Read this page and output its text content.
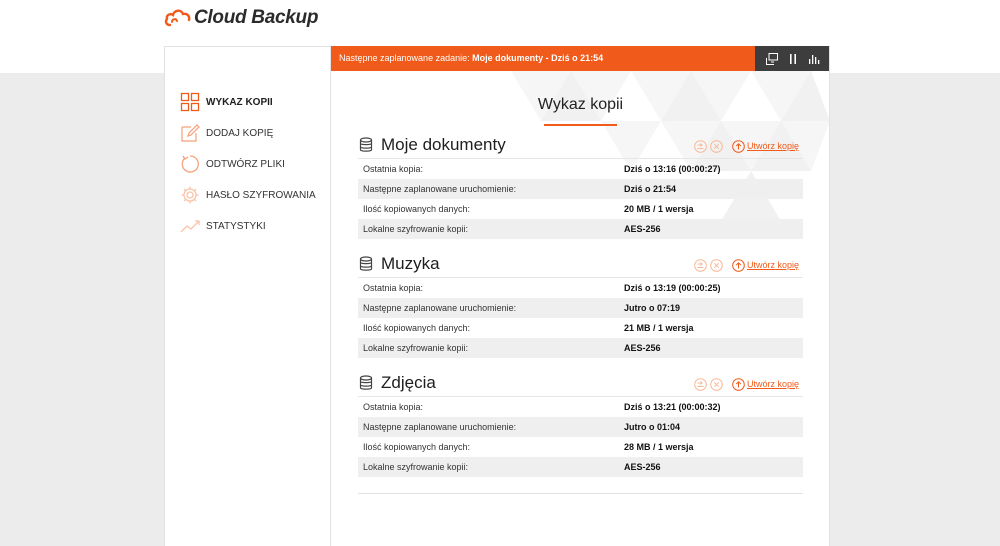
Cloud Backup
WYKAZ KOPII
DODAJ KOPIĘ
ODTWÓRZ PLIKI
HASŁO SZYFROWANIA
STATYSTYKI
Następne zaplanowane zadanie: Moje dokumenty - Dziś o 21:54
Wykaz kopii
Moje dokumenty	Utwórz kopię
Ostatnia kopia:	Dziś o 13:16 (00:00:27)
Następne zaplanowane uruchomienie:	Dziś o 21:54
Ilość kopiowanych danych:	20 MB / 1 wersja
Lokalne szyfrowanie kopii:	AES-256
Muzyka	Utwórz kopię
Ostatnia kopia:	Dziś o 13:19 (00:00:25)
Następne zaplanowane uruchomienie:	Jutro o 07:19
Ilość kopiowanych danych:	21 MB / 1 wersja
Lokalne szyfrowanie kopii:	AES-256
Zdjęcia	Utwórz kopię
Ostatnia kopia:	Dziś o 13:21 (00:00:32)
Następne zaplanowane uruchomienie:	Jutro o 01:04
Ilość kopiowanych danych:	28 MB / 1 wersja
Lokalne szyfrowanie kopii:	AES-256
